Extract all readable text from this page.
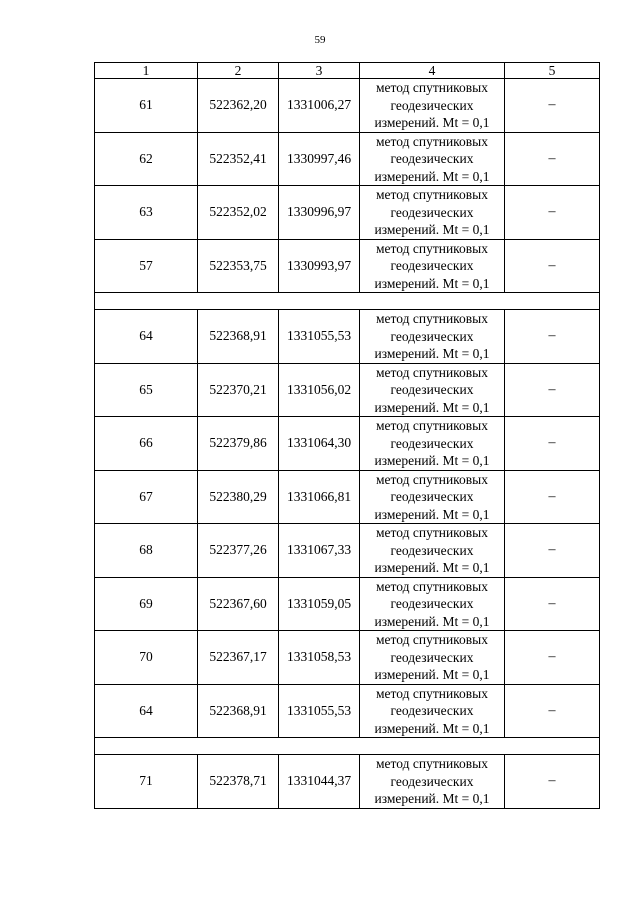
59
1	2	3	4	5
61	522362,20	1331006,27	метод спутниковых
геодезических
измерений. Mt = 0,1	–
62	522352,41	1330997,46	метод спутниковых
геодезических
измерений. Mt = 0,1	–
63	522352,02	1330996,97	метод спутниковых
геодезических
измерений. Mt = 0,1	–
57	522353,75	1330993,97	метод спутниковых
геодезических
измерений. Mt = 0,1	–

64	522368,91	1331055,53	метод спутниковых
геодезических
измерений. Mt = 0,1	–
65	522370,21	1331056,02	метод спутниковых
геодезических
измерений. Mt = 0,1	–
66	522379,86	1331064,30	метод спутниковых
геодезических
измерений. Mt = 0,1	–
67	522380,29	1331066,81	метод спутниковых
геодезических
измерений. Mt = 0,1	–
68	522377,26	1331067,33	метод спутниковых
геодезических
измерений. Mt = 0,1	–
69	522367,60	1331059,05	метод спутниковых
геодезических
измерений. Mt = 0,1	–
70	522367,17	1331058,53	метод спутниковых
геодезических
измерений. Mt = 0,1	–
64	522368,91	1331055,53	метод спутниковых
геодезических
измерений. Mt = 0,1	–

71	522378,71	1331044,37	метод спутниковых
геодезических
измерений. Mt = 0,1	–
